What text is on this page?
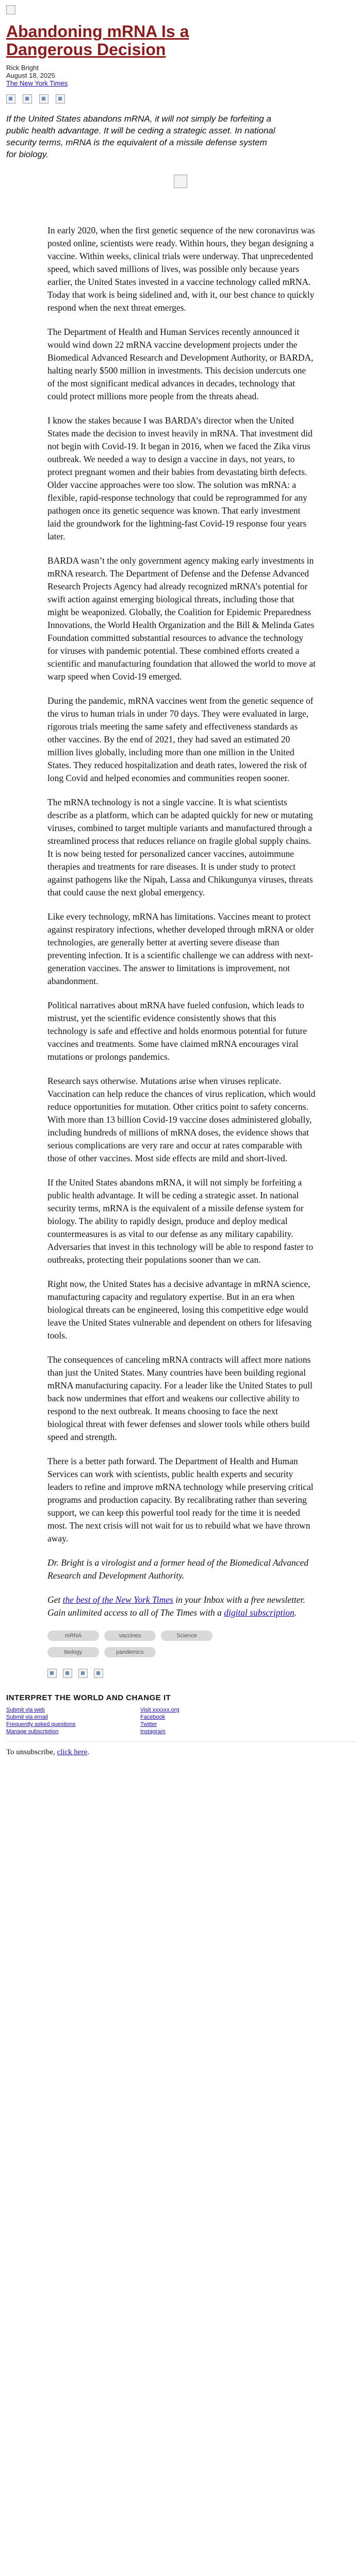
Abandoning mRNA Is a Dangerous Decision
Rick Bright
August 18, 2025
The New York Times
If the United States abandons mRNA, it will not simply be forfeiting a public health advantage. It will be ceding a strategic asset. In national security terms, mRNA is the equivalent of a missile defense system for biology.

In early 2020, when the first genetic sequence of the new coronavirus was posted online, scientists were ready. Within hours, they began designing a vaccine. Within weeks, clinical trials were underway. That unprecedented speed, which saved millions of lives, was possible only because years earlier, the United States invested in a vaccine technology called mRNA. Today that work is being sidelined and, with it, our best chance to quickly respond when the next threat emerges.

The Department of Health and Human Services recently announced it would wind down 22 mRNA vaccine development projects under the Biomedical Advanced Research and Development Authority, or BARDA, halting nearly $500 million in investments. This decision undercuts one of the most significant medical advances in decades, technology that could protect millions more people from the threats ahead.

I know the stakes because I was BARDA’s director when the United States made the decision to invest heavily in mRNA. That investment did not begin with Covid-19. It began in 2016, when we faced the Zika virus outbreak. We needed a way to design a vaccine in days, not years, to protect pregnant women and their babies from devastating birth defects. Older vaccine approaches were too slow. The solution was mRNA: a flexible, rapid-response technology that could be reprogrammed for any pathogen once its genetic sequence was known. That early investment laid the groundwork for the lightning-fast Covid-19 response four years later.

BARDA wasn’t the only government agency making early investments in mRNA research. The Department of Defense and the Defense Advanced Research Projects Agency had already recognized mRNA’s potential for swift action against emerging biological threats, including those that might be weaponized. Globally, the Coalition for Epidemic Preparedness Innovations, the World Health Organization and the Bill & Melinda Gates Foundation committed substantial resources to advance the technology for viruses with pandemic potential. These combined efforts created a scientific and manufacturing foundation that allowed the world to move at warp speed when Covid-19 emerged.

During the pandemic, mRNA vaccines went from the genetic sequence of the virus to human trials in under 70 days. They were evaluated in large, rigorous trials meeting the same safety and effectiveness standards as other vaccines. By the end of 2021, they had saved an estimated 20 million lives globally, including more than one million in the United States. They reduced hospitalization and death rates, lowered the risk of long Covid and helped economies and communities reopen sooner.

The mRNA technology is not a single vaccine. It is what scientists describe as a platform, which can be adapted quickly for new or mutating viruses, combined to target multiple variants and manufactured through a streamlined process that reduces reliance on fragile global supply chains. It is now being tested for personalized cancer vaccines, autoimmune therapies and treatments for rare diseases. It is under study to protect against pathogens like the Nipah, Lassa and Chikungunya viruses, threats that could cause the next global emergency.

Like every technology, mRNA has limitations. Vaccines meant to protect against respiratory infections, whether developed through mRNA or older technologies, are generally better at averting severe disease than preventing infection. It is a scientific challenge we can address with next-generation vaccines. The answer to limitations is improvement, not abandonment.

Political narratives about mRNA have fueled confusion, which leads to mistrust, yet the scientific evidence consistently shows that this technology is safe and effective and holds enormous potential for future vaccines and treatments. Some have claimed mRNA encourages viral mutations or prolongs pandemics.

Research says otherwise. Mutations arise when viruses replicate. Vaccination can help reduce the chances of virus replication, which would reduce opportunities for mutation. Other critics point to safety concerns. With more than 13 billion Covid-19 vaccine doses administered globally, including hundreds of millions of mRNA doses, the evidence shows that serious complications are very rare and occur at rates comparable with those of other vaccines. Most side effects are mild and short-lived.

If the United States abandons mRNA, it will not simply be forfeiting a public health advantage. It will be ceding a strategic asset. In national security terms, mRNA is the equivalent of a missile defense system for biology. The ability to rapidly design, produce and deploy medical countermeasures is as vital to our defense as any military capability. Adversaries that invest in this technology will be able to respond faster to outbreaks, protecting their populations sooner than we can.

Right now, the United States has a decisive advantage in mRNA science, manufacturing capacity and regulatory expertise. But in an era when biological threats can be engineered, losing this competitive edge would leave the United States vulnerable and dependent on others for lifesaving tools.

The consequences of canceling mRNA contracts will affect more nations than just the United States. Many countries have been building regional mRNA manufacturing capacity. For a leader like the United States to pull back now undermines that effort and weakens our collective ability to respond to the next outbreak. It means choosing to face the next biological threat with fewer defenses and slower tools while others build speed and strength.

There is a better path forward. The Department of Health and Human Services can work with scientists, public health experts and security leaders to refine and improve mRNA technology while preserving critical programs and production capacity. By recalibrating rather than severing support, we can keep this powerful tool ready for the time it is needed most. The next crisis will not wait for us to rebuild what we have thrown away.

Dr. Bright is a virologist and a former head of the Biomedical Advanced Research and Development Authority.

Get the best of the New York Times in your Inbox with a free newsletter. Gain unlimited access to all of The Times with a digital subscription.

mRNA	vaccines	Science
biology	pandemics
INTERPRET THE WORLD AND CHANGE IT
Submit via web
Submit via email
Frequently asked questions
Manage subscription
Visit xxxxxx.org
Facebook
Twitter
Instagram

To unsubscribe, click here.
